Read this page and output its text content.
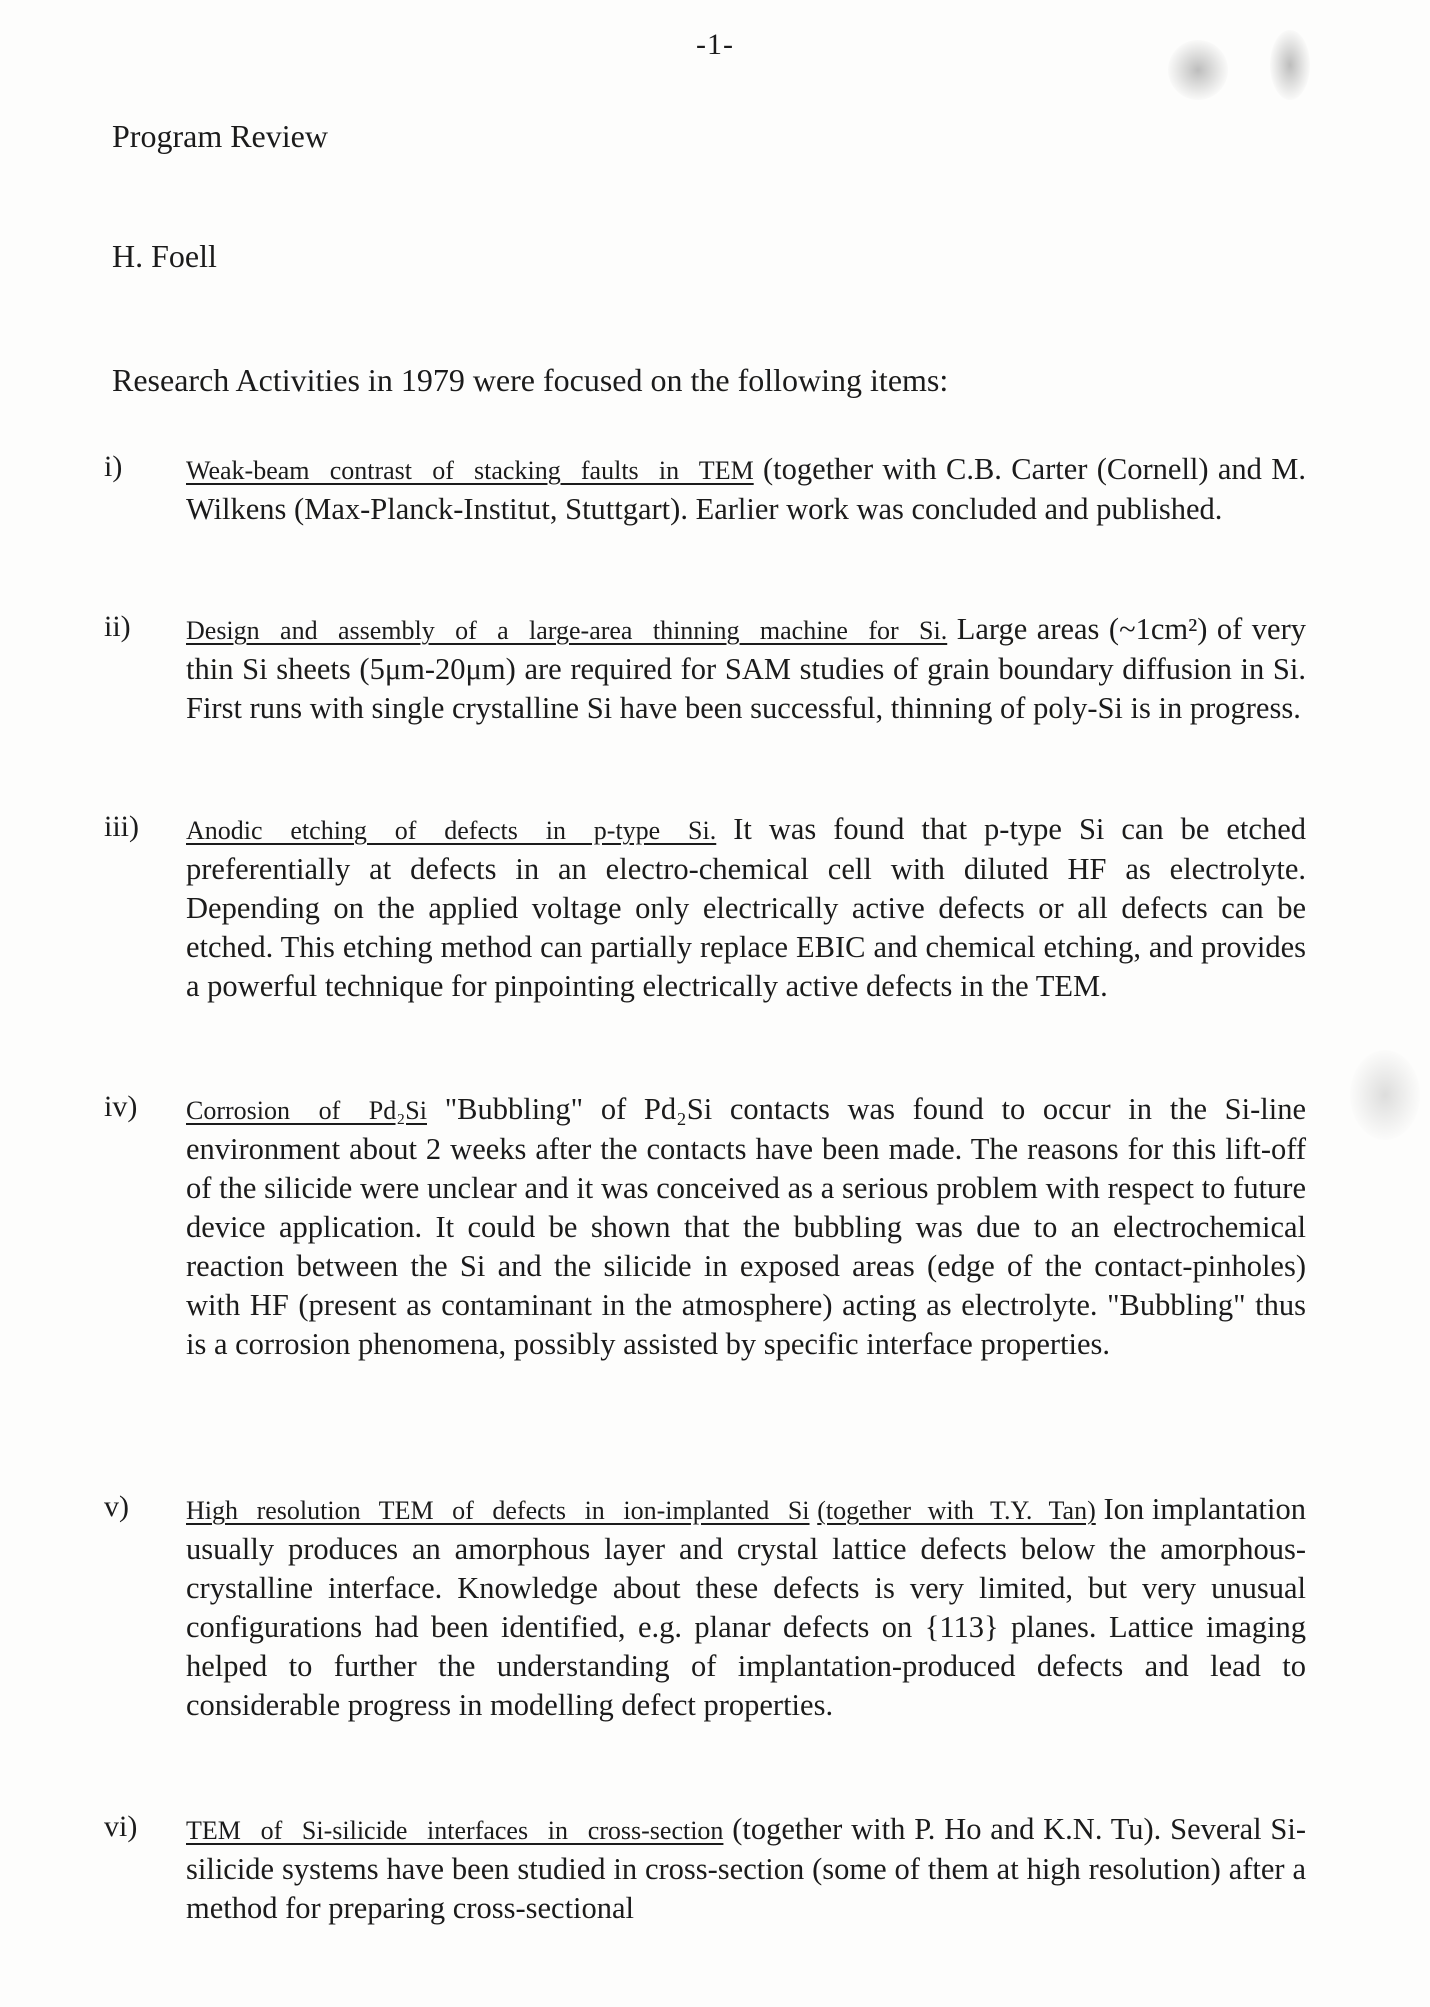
-1-
Program Review
H. Foell
Research Activities in 1979 were focused on the following items:
i) Weak-beam contrast of stacking faults in TEM (together with C.B. Carter (Cornell) and M. Wilkens (Max-Planck-Institut, Stuttgart). Earlier work was concluded and published.
ii) Design and assembly of a large-area thinning machine for Si. Large areas (~1cm²) of very thin Si sheets (5μm-20μm) are required for SAM studies of grain boundary diffusion in Si. First runs with single crystalline Si have been successful, thinning of poly-Si is in progress.
iii) Anodic etching of defects in p-type Si. It was found that p-type Si can be etched preferentially at defects in an electro-chemical cell with diluted HF as electrolyte. Depending on the applied voltage only electrically active defects or all defects can be etched. This etching method can partially replace EBIC and chemical etching, and provides a powerful technique for pinpointing electrically active defects in the TEM.
iv) Corrosion of Pd₂Si "Bubbling" of Pd₂Si contacts was found to occur in the Si-line environment about 2 weeks after the contacts have been made. The reasons for this lift-off of the silicide were unclear and it was conceived as a serious problem with respect to future device application. It could be shown that the bubbling was due to an electrochemical reaction between the Si and the silicide in exposed areas (edge of the contact-pinholes) with HF (present as contaminant in the atmosphere) acting as electrolyte. "Bubbling" thus is a corrosion phenomena, possibly assisted by specific interface properties.
v) High resolution TEM of defects in ion-implanted Si (together with T.Y. Tan) Ion implantation usually produces an amorphous layer and crystal lattice defects below the amorphous-crystalline interface. Knowledge about these defects is very limited, but very unusual configurations had been identified, e.g. planar defects on {113} planes. Lattice imaging helped to further the understanding of implantation-produced defects and lead to considerable progress in modelling defect properties.
vi) TEM of Si-silicide interfaces in cross-section (together with P. Ho and K.N. Tu). Several Si-silicide systems have been studied in cross-section (some of them at high resolution) after a method for preparing cross-sectional
